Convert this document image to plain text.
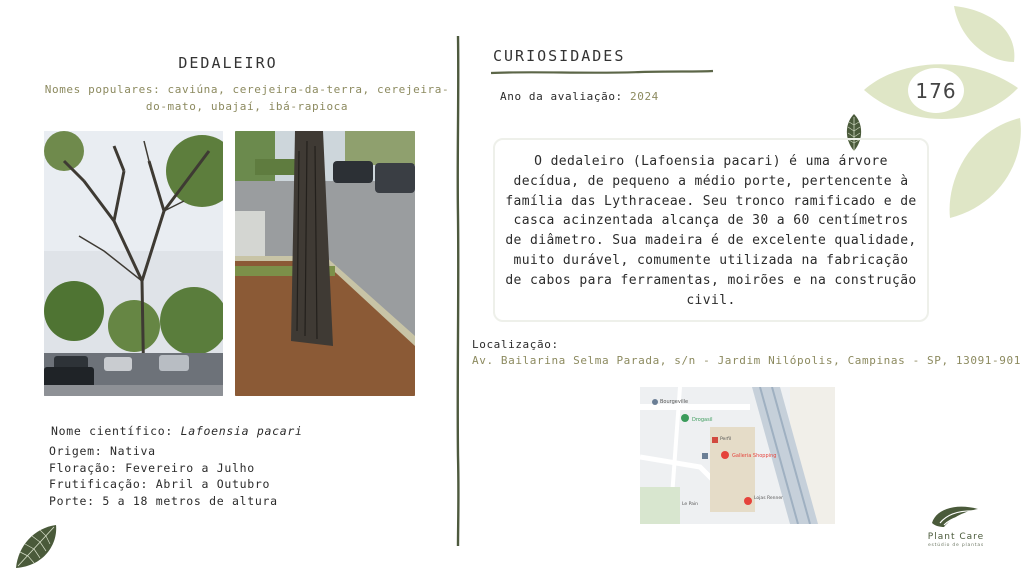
176
DEDALEIRO
Nomes populares: caviúna, cerejeira-da-terra, cerejeira-do-mato, ubajaí, ibá-rapioca
Nome científico: Lafoensia pacari
Origem: Nativa
Floração: Fevereiro a Julho
Frutificação: Abril a Outubro
Porte: 5 a 18 metros de altura
CURIOSIDADES
Ano da avaliação: 2024
O dedaleiro (Lafoensia pacari) é uma árvore decídua, de pequeno a médio porte, pertencente à família das Lythraceae. Seu tronco ramificado e de casca acinzentada alcança de 30 a 60 centímetros de diâmetro. Sua madeira é de excelente qualidade, muito durável, comumente utilizada na fabricação de cabos para ferramentas, moirões e na construção civil.
Localização:
Av. Bailarina Selma Parada, s/n - Jardim Nilópolis, Campinas - SP, 13091-901
Bourgeville
Drogasil
Perfil
Galleria Shopping
Le Pain
Lojas Renner
Plant Care
estúdio de plantas
